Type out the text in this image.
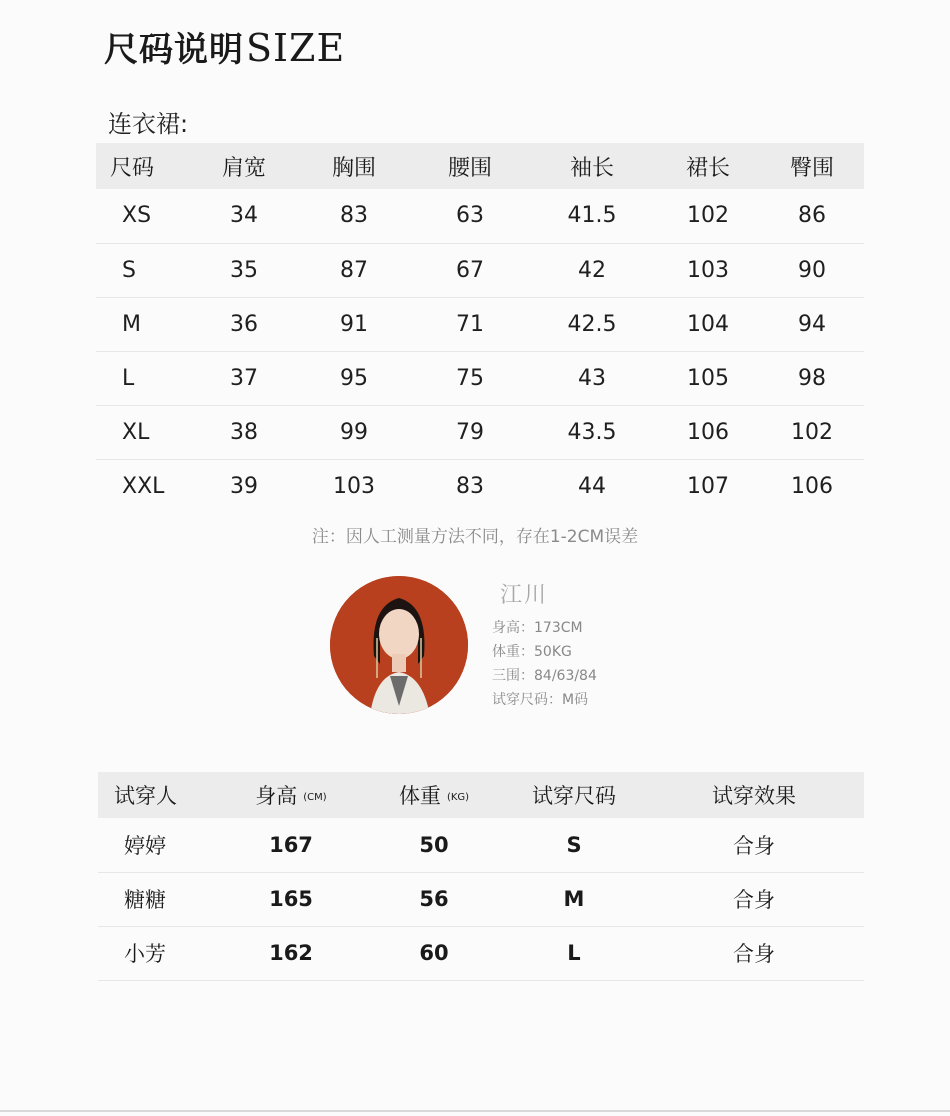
尺码说明SIZE
连衣裙:
尺码	肩宽	胸围	腰围	袖长	裙长	臀围
XS	34	83	63	41.5	102	86
S	35	87	67	42	103	90
M	36	91	71	42.5	104	94
L	37	95	75	43	105	98
XL	38	99	79	43.5	106	102
XXL	39	103	83	44	107	106
注：因人工测量方法不同，存在1-2CM误差
江川
身高：173CM
体重：50KG
三围：84/63/84
试穿尺码：M码
试穿人	身高 (CM)	体重 (KG)	试穿尺码	试穿效果
婷婷	167	50	S	合身
糖糖	165	56	M	合身
小芳	162	60	L	合身
